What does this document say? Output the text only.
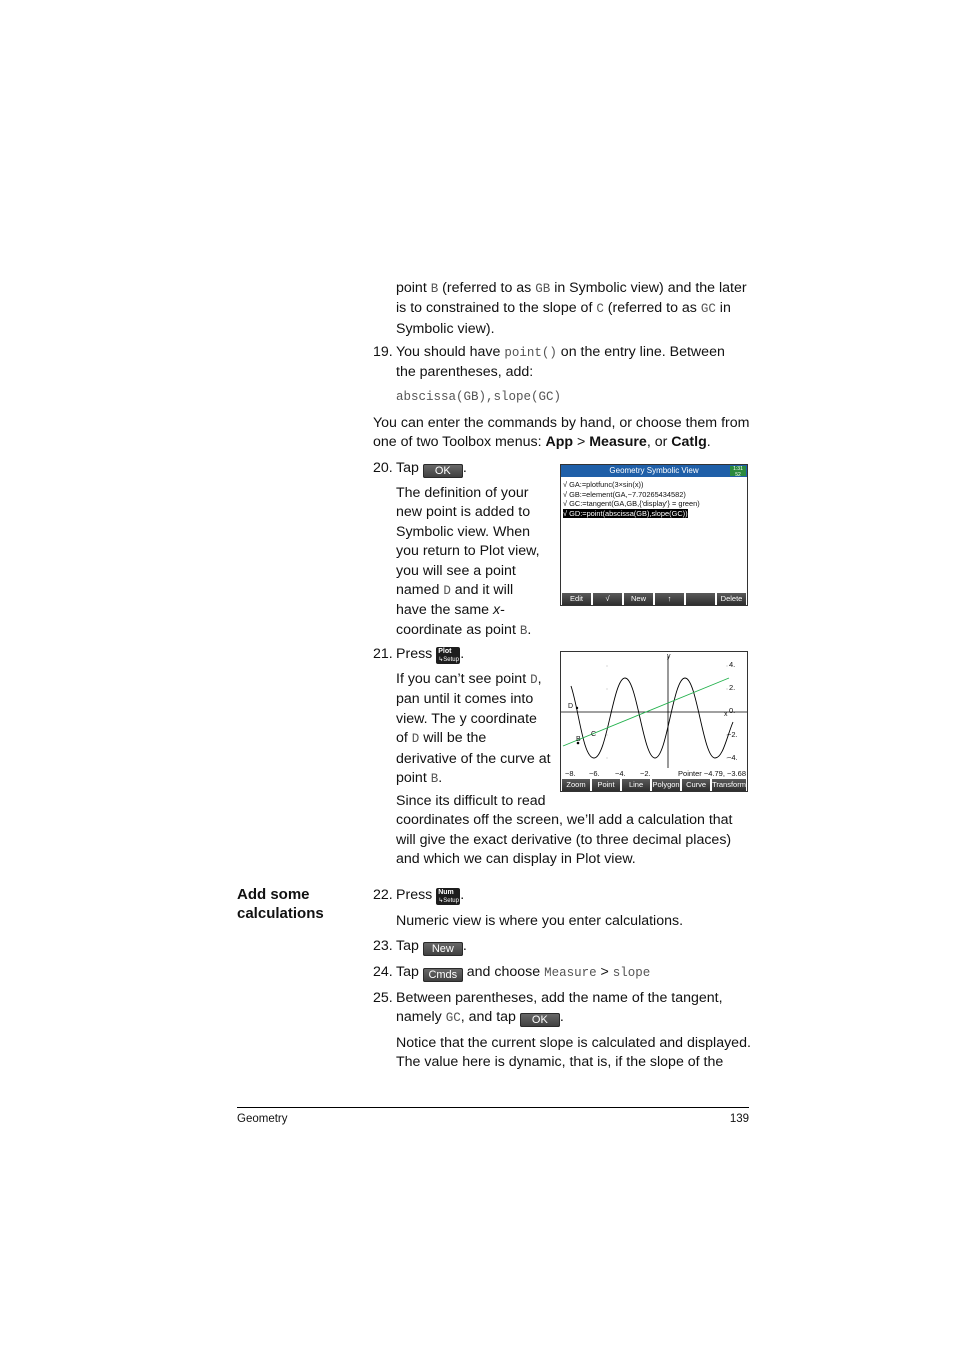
point B (referred to as GB in Symbolic view) and the later
is to constrained to the slope of C (referred to as GC in
Symbolic view).
19. You should have point() on the entry line. Between
the parentheses, add:
abscissa(GB),slope(GC)
You can enter the commands by hand, or choose them from
one of two Toolbox menus: App > Measure, or Catlg.
20. Tap OK .
The definition of your
new point is added to
Symbolic view. When
you return to Plot view,
you will see a point
named D and it will
have the same x-
coordinate as point B.
Geometry Symbolic View	1:31 52
√ GA:=plotfunc(3×sin(x))
√ GB:=element(GA,−7.70265434582)
√ GC:=tangent(GA,GB,{'display'} = green)
√ GD:=point(abscissa(GB),slope(GC))
Edit	√	New	↑	Delete
21. Press Plot
↳Setup .
If you can’t see point D,
pan until it comes into
view. The y coordinate
of D will be the
derivative of the curve at
point B.
y
x
4.
2.
0.
−2.
−4.
D
B
C
−8. −6. −4. −2.	Pointer −4.79, −3.68
Zoom	Point	Line	Polygon Curve Transform
Since its difficult to read
coordinates off the screen, we’ll add a calculation that
will give the exact derivative (to three decimal places)
and which we can display in Plot view.
Add some
calculations
22. Press Num
↳Setup .
Numeric view is where you enter calculations.
23. Tap New .
24. Tap Cmds and choose Measure > slope
25. Between parentheses, add the name of the tangent,
namely GC, and tap OK .
Notice that the current slope is calculated and displayed.
The value here is dynamic, that is, if the slope of the
Geometry	139
